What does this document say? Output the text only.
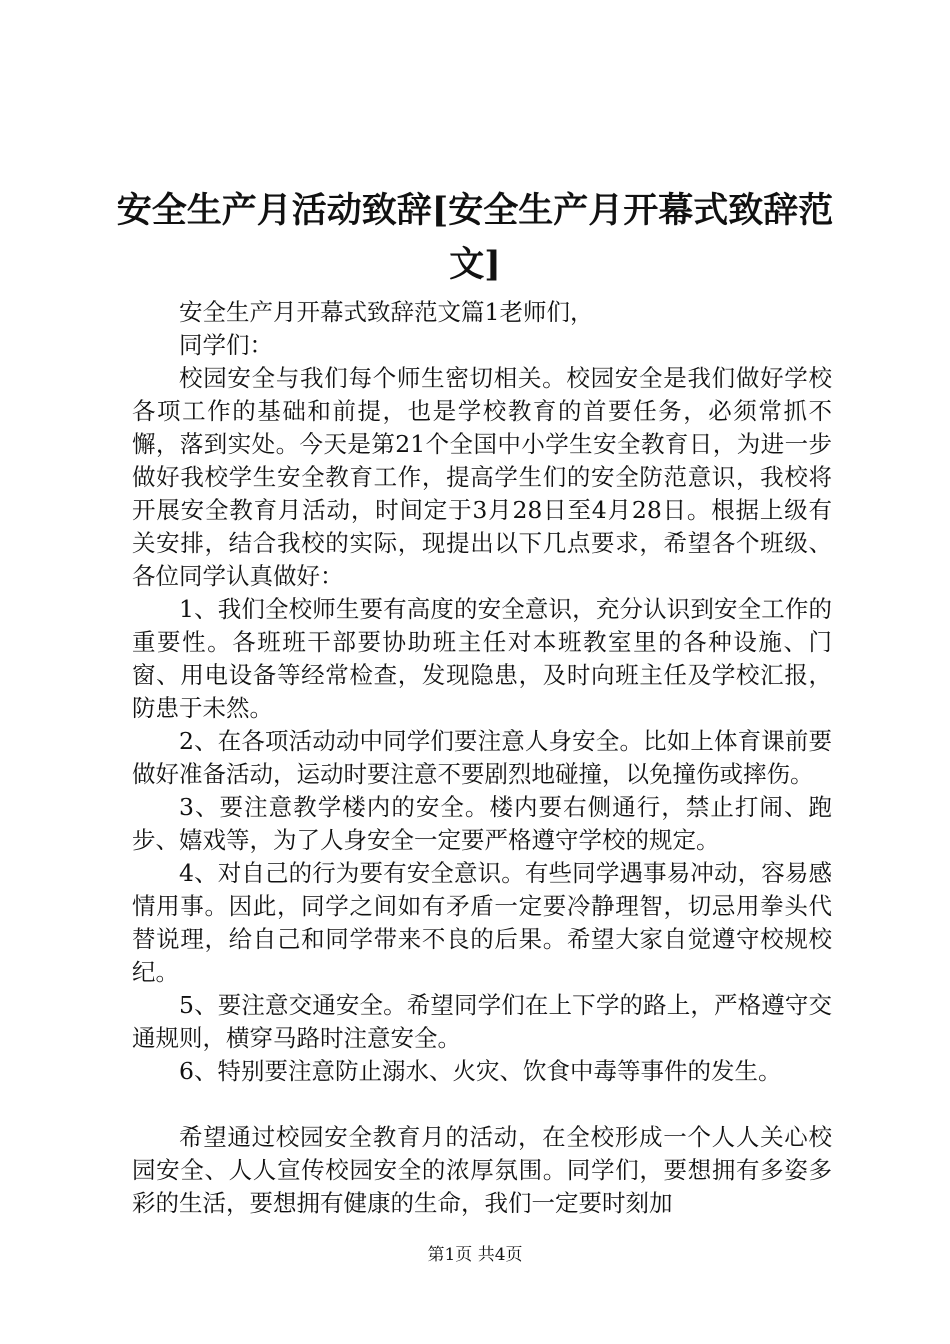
安全生产月活动致辞[安全生产月开幕式致辞范文]

安全生产月开幕式致辞范文篇1老师们，

同学们：

校园安全与我们每个师生密切相关。校园安全是我们做好学校各项工作的基础和前提，也是学校教育的首要任务，必须常抓不懈，落到实处。今天是第21个全国中小学生安全教育日，为进一步做好我校学生安全教育工作，提高学生们的安全防范意识，我校将开展安全教育月活动，时间定于3月28日至4月28日。根据上级有关安排，结合我校的实际，现提出以下几点要求，希望各个班级、各位同学认真做好：

1、我们全校师生要有高度的安全意识，充分认识到安全工作的重要性。各班班干部要协助班主任对本班教室里的各种设施、门窗、用电设备等经常检查，发现隐患，及时向班主任及学校汇报，防患于未然。

2、在各项活动动中同学们要注意人身安全。比如上体育课前要做好准备活动，运动时要注意不要剧烈地碰撞，以免撞伤或摔伤。

3、要注意教学楼内的安全。楼内要右侧通行，禁止打闹、跑步、嬉戏等，为了人身安全一定要严格遵守学校的规定。

4、对自己的行为要有安全意识。有些同学遇事易冲动，容易感情用事。因此，同学之间如有矛盾一定要冷静理智，切忌用拳头代替说理，给自己和同学带来不良的后果。希望大家自觉遵守校规校纪。

5、要注意交通安全。希望同学们在上下学的路上，严格遵守交通规则，横穿马路时注意安全。

6、特别要注意防止溺水、火灾、饮食中毒等事件的发生。

希望通过校园安全教育月的活动，在全校形成一个人人关心校园安全、人人宣传校园安全的浓厚氛围。同学们，要想拥有多姿多彩的生活，要想拥有健康的生命，我们一定要时刻加

第1页 共4页
